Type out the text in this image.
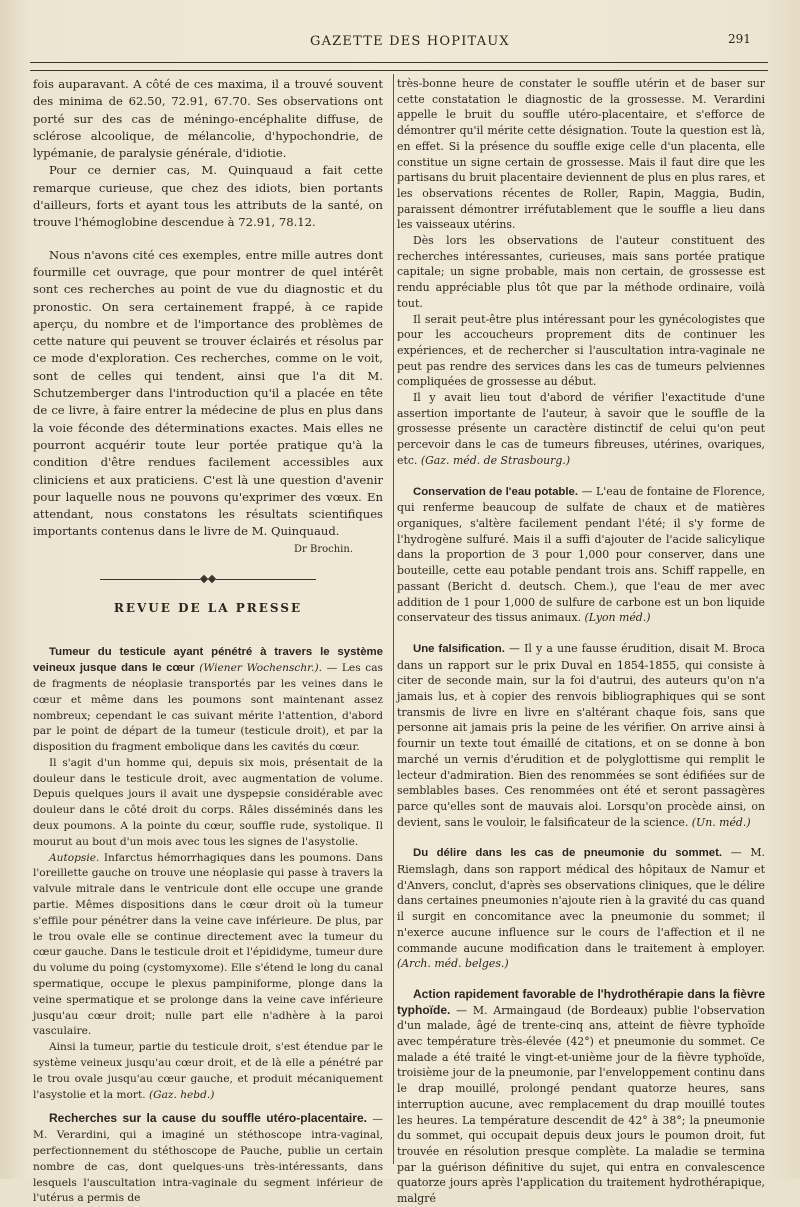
GAZETTE DES HOPITAUX	291

fois auparavant. A côté de ces maxima, il a trouvé souvent des minima de 62.50, 72.91, 67.70. Ses observations ont porté sur des cas de méningo-encéphalite diffuse, de sclérose alcoolique, de mélancolie, d'hypochondrie, de lypémanie, de paralysie générale, d'idiotie.

Pour ce dernier cas, M. Quinquaud a fait cette remarque curieuse, que chez des idiots, bien portants d'ailleurs, forts et ayant tous les attributs de la santé, on trouve l'hémoglobine descendue à 72.91, 78.12.

Nous n'avons cité ces exemples, entre mille autres dont fourmille cet ouvrage, que pour montrer de quel intérêt sont ces recherches au point de vue du diagnostic et du pronostic. On sera certainement frappé, à ce rapide aperçu, du nombre et de l'importance des problèmes de cette nature qui peuvent se trouver éclairés et résolus par ce mode d'exploration. Ces recherches, comme on le voit, sont de celles qui tendent, ainsi que l'a dit M. Schutzemberger dans l'introduction qu'il a placée en tête de ce livre, à faire entrer la médecine de plus en plus dans la voie féconde des déterminations exactes. Mais elles ne pourront acquérir toute leur portée pratique qu'à la condition d'être rendues facilement accessibles aux cliniciens et aux praticiens. C'est là une question d'avenir pour laquelle nous ne pouvons qu'exprimer des vœux. En attendant, nous constatons les résultats scientifiques importants contenus dans le livre de M. Quinquaud.

Dr Brochin.

REVUE DE LA PRESSE

Tumeur du testicule ayant pénétré à travers le système veineux jusque dans le cœur (Wiener Wochenschr.). — Les cas de fragments de néoplasie transportés par les veines dans le cœur et même dans les poumons sont maintenant assez nombreux; cependant le cas suivant mérite l'attention, d'abord par le point de départ de la tumeur (testicule droit), et par la disposition du fragment embolique dans les cavités du cœur.

Il s'agit d'un homme qui, depuis six mois, présentait de la douleur dans le testicule droit, avec augmentation de volume. Depuis quelques jours il avait une dyspepsie considérable avec douleur dans le côté droit du corps. Râles disséminés dans les deux poumons. A la pointe du cœur, souffle rude, systolique. Il mourut au bout d'un mois avec tous les signes de l'asystolie.

Autopsie. Infarctus hémorrhagiques dans les poumons. Dans l'oreillette gauche on trouve une néoplasie qui passe à travers la valvule mitrale dans le ventricule dont elle occupe une grande partie. Mêmes dispositions dans le cœur droit où la tumeur s'effile pour pénétrer dans la veine cave inférieure. De plus, par le trou ovale elle se continue directement avec la tumeur du cœur gauche. Dans le testicule droit et l'épididyme, tumeur dure du volume du poing (cystomyxome). Elle s'étend le long du canal spermatique, occupe le plexus pampiniforme, plonge dans la veine spermatique et se prolonge dans la veine cave inférieure jusqu'au cœur droit; nulle part elle n'adhère à la paroi vasculaire.

Ainsi la tumeur, partie du testicule droit, s'est étendue par le système veineux jusqu'au cœur droit, et de là elle a pénétré par le trou ovale jusqu'au cœur gauche, et produit mécaniquement l'asystolie et la mort. (Gaz. hebd.)

Recherches sur la cause du souffle utéro-placentaire. — M. Verardini, qui a imaginé un stéthoscope intra-vaginal, perfectionnement du stéthoscope de Pauche, publie un certain nombre de cas, dont quelques-uns très-intéressants, dans lesquels l'auscultation intra-vaginale du segment inférieur de l'utérus a permis de

très-bonne heure de constater le souffle utérin et de baser sur cette constatation le diagnostic de la grossesse. M. Verardini appelle le bruit du souffle utéro-placentaire, et s'efforce de démontrer qu'il mérite cette désignation. Toute la question est là, en effet. Si la présence du souffle exige celle d'un placenta, elle constitue un signe certain de grossesse. Mais il faut dire que les partisans du bruit placentaire deviennent de plus en plus rares, et les observations récentes de Roller, Rapin, Maggia, Budin, paraissent démontrer irréfutablement que le souffle a lieu dans les vaisseaux utérins.

Dès lors les observations de l'auteur constituent des recherches intéressantes, curieuses, mais sans portée pratique capitale; un signe probable, mais non certain, de grossesse est rendu appréciable plus tôt que par la méthode ordinaire, voilà tout.

Il serait peut-être plus intéressant pour les gynécologistes que pour les accoucheurs proprement dits de continuer les expériences, et de rechercher si l'auscultation intra-vaginale ne peut pas rendre des services dans les cas de tumeurs pelviennes compliquées de grossesse au début.

Il y avait lieu tout d'abord de vérifier l'exactitude d'une assertion importante de l'auteur, à savoir que le souffle de la grossesse présente un caractère distinctif de celui qu'on peut percevoir dans le cas de tumeurs fibreuses, utérines, ovariques, etc. (Gaz. méd. de Strasbourg.)

Conservation de l'eau potable. — L'eau de fontaine de Florence, qui renferme beaucoup de sulfate de chaux et de matières organiques, s'altère facilement pendant l'été; il s'y forme de l'hydrogène sulfuré. Mais il a suffi d'ajouter de l'acide salicylique dans la proportion de 3 pour 1,000 pour conserver, dans une bouteille, cette eau potable pendant trois ans. Schiff rappelle, en passant (Bericht d. deutsch. Chem.), que l'eau de mer avec addition de 1 pour 1,000 de sulfure de carbone est un bon liquide conservateur des tissus animaux. (Lyon méd.)

Une falsification. — Il y a une fausse érudition, disait M. Broca dans un rapport sur le prix Duval en 1854-1855, qui consiste à citer de seconde main, sur la foi d'autrui, des auteurs qu'on n'a jamais lus, et à copier des renvois bibliographiques qui se sont transmis de livre en livre en s'altérant chaque fois, sans que personne ait jamais pris la peine de les vérifier. On arrive ainsi à fournir un texte tout émaillé de citations, et on se donne à bon marché un vernis d'érudition et de polyglottisme qui remplit le lecteur d'admiration. Bien des renommées se sont édifiées sur de semblables bases. Ces renommées ont été et seront passagères parce qu'elles sont de mauvais aloi. Lorsqu'on procède ainsi, on devient, sans le vouloir, le falsificateur de la science. (Un. méd.)

Du délire dans les cas de pneumonie du sommet. — M. Riemslagh, dans son rapport médical des hôpitaux de Namur et d'Anvers, conclut, d'après ses observations cliniques, que le délire dans certaines pneumonies n'ajoute rien à la gravité du cas quand il surgit en concomitance avec la pneumonie du sommet; il n'exerce aucune influence sur le cours de l'affection et il ne commande aucune modification dans le traitement à employer. (Arch. méd. belges.)

Action rapidement favorable de l'hydrothérapie dans la fièvre typhoïde. — M. Armaingaud (de Bordeaux) publie l'observation d'un malade, âgé de trente-cinq ans, atteint de fièvre typhoïde avec température très-élevée (42°) et pneumonie du sommet. Ce malade a été traité le vingt-et-unième jour de la fièvre typhoïde, troisième jour de la pneumonie, par l'enveloppement continu dans le drap mouillé, prolongé pendant quatorze heures, sans interruption aucune, avec remplacement du drap mouillé toutes les heures. La température descendit de 42° à 38°; la pneumonie du sommet, qui occupait depuis deux jours le poumon droit, fut trouvée en résolution presque complète. La maladie se termina par la guérison définitive du sujet, qui entra en convalescence quatorze jours après l'application du traitement hydrothérapique, malgré
